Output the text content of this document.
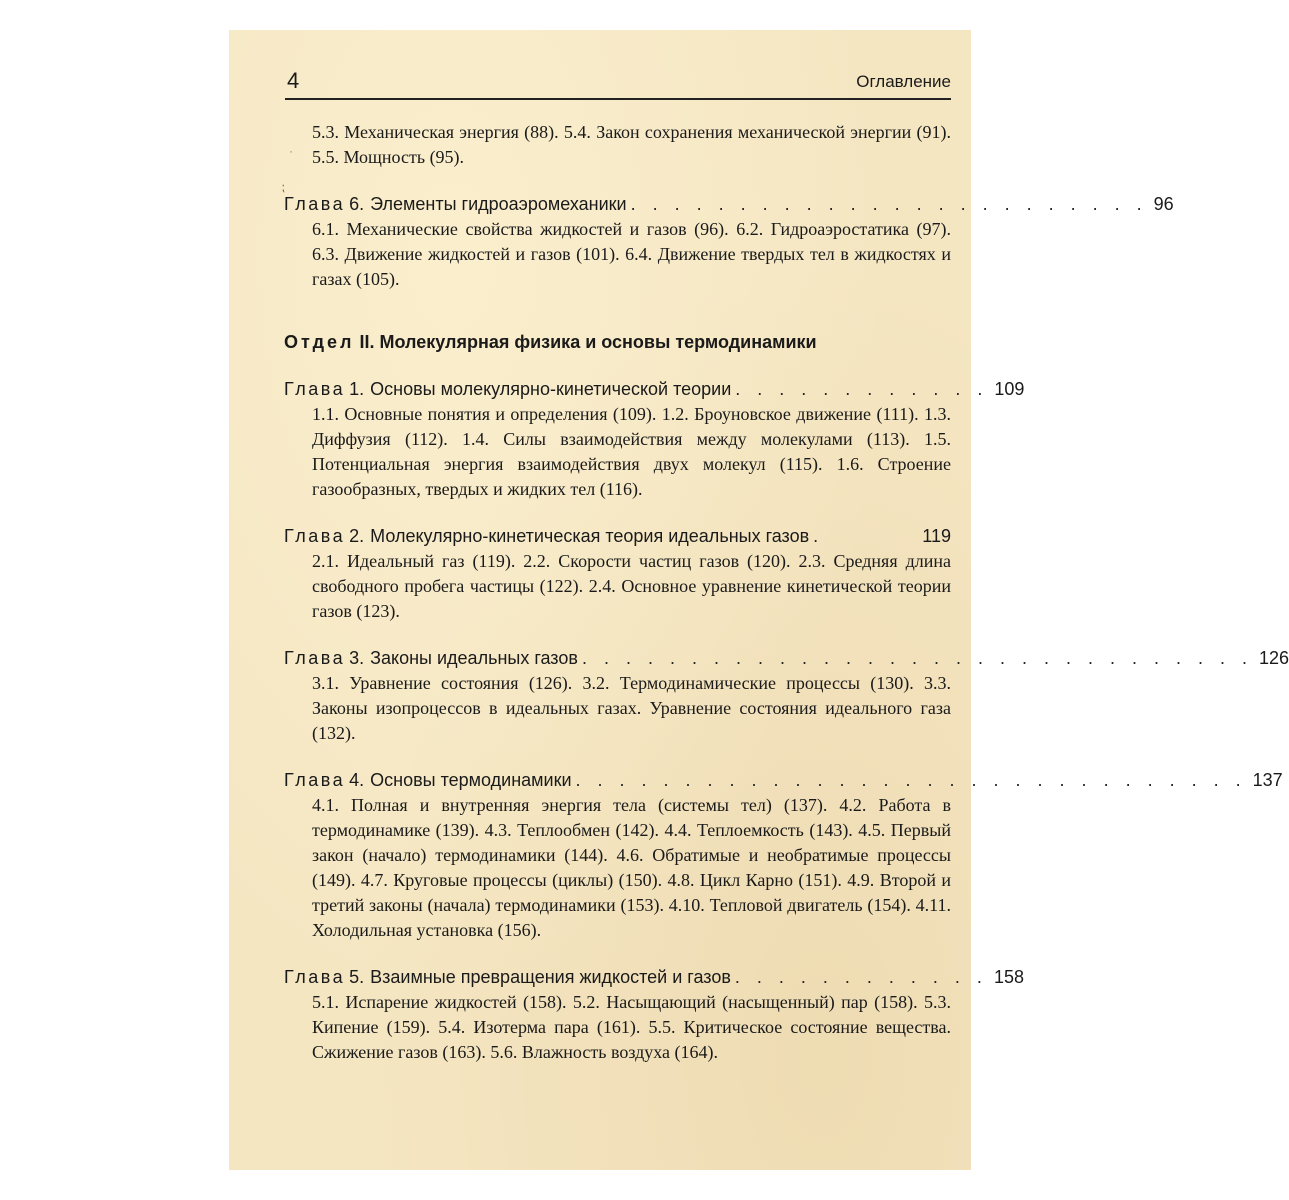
˙
⁏
4	Оглавление
5.3. Механическая энергия (88). 5.4. Закон сохранения механической энергии (91). 5.5. Мощность (95).
Глава 6. Элементы гидроаэромеханики . . . . . . . . . . . . . . . . . . . . . . . . 96
6.1. Механические свойства жидкостей и газов (96). 6.2. Гидроаэростатика (97). 6.3. Движение жидкостей и газов (101). 6.4. Движение твердых тел в жидкостях и газах (105).
Отдел II. Молекулярная физика и основы термодинамики
Глава 1. Основы молекулярно-кинетической теории . . . . . . . . . . . . 109
1.1. Основные понятия и определения (109). 1.2. Броуновское движение (111). 1.3. Диффузия (112). 1.4. Силы взаимодействия между молекулами (113). 1.5. Потенциальная энергия взаимодействия двух молекул (115). 1.6. Строение газообразных, твердых и жидких тел (116).
Глава 2. Молекулярно-кинетическая теория идеальных газов .	119
2.1. Идеальный газ (119). 2.2. Скорости частиц газов (120). 2.3. Средняя длина свободного пробега частицы (122). 2.4. Основное уравнение кинетической теории газов (123).
Глава 3. Законы идеальных газов . . . . . . . . . . . . . . . . . . . . . . . . . . . . . . . 126
3.1. Уравнение состояния (126). 3.2. Термодинамические процессы (130). 3.3. Законы изопроцессов в идеальных газах. Уравнение состояния идеального газа (132).
Глава 4. Основы термодинамики . . . . . . . . . . . . . . . . . . . . . . . . . . . . . . . 137
4.1. Полная и внутренняя энергия тела (системы тел) (137). 4.2. Работа в термодинамике (139). 4.3. Теплообмен (142). 4.4. Теплоемкость (143). 4.5. Первый закон (начало) термодинамики (144). 4.6. Обратимые и необратимые процессы (149). 4.7. Круговые процессы (циклы) (150). 4.8. Цикл Карно (151). 4.9. Второй и третий законы (начала) термодинамики (153). 4.10. Тепловой двигатель (154). 4.11. Холодильная установка (156).
Глава 5. Взаимные превращения жидкостей и газов . . . . . . . . . . . . 158
5.1. Испарение жидкостей (158). 5.2. Насыщающий (насыщенный) пар (158). 5.3. Кипение (159). 5.4. Изотерма пара (161). 5.5. Критическое состояние вещества. Сжижение газов (163). 5.6. Влажность воздуха (164).
